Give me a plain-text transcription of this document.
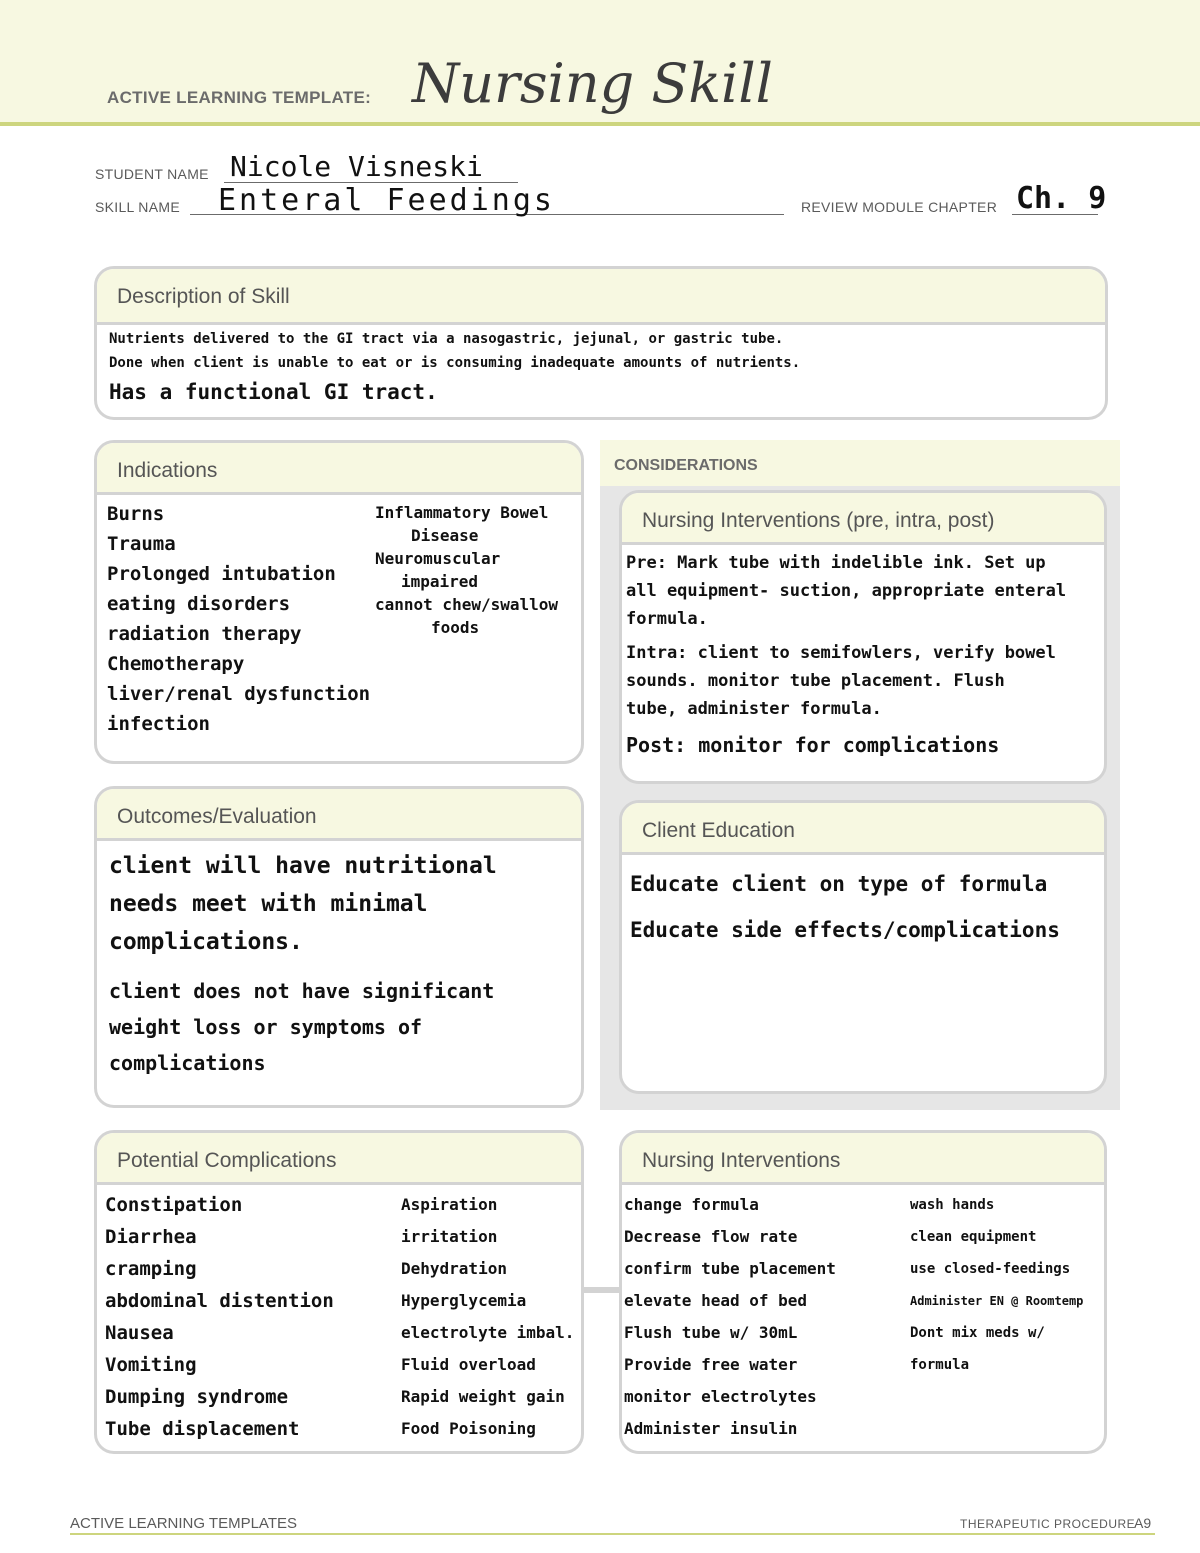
ACTIVE LEARNING TEMPLATE: Nursing Skill
STUDENT NAME Nicole Visneski
SKILL NAME Enteral Feedings	REVIEW MODULE CHAPTER Ch. 9
Description of Skill
Nutrients delivered to the GI tract via a nasogastric, jejunal, or gastric tube.
Done when client is unable to eat or is consuming inadequate amounts of nutrients.
Has a functional GI tract.
Indications
Burns
Trauma
Prolonged intubation
eating disorders
radiation therapy
Chemotherapy
liver/renal dysfunction
infection
Inflammatory Bowel
Disease
Neuromuscular
impaired
cannot chew/swallow
foods
CONSIDERATIONS
Nursing Interventions (pre, intra, post)
Pre: Mark tube with indelible ink. Set up
all equipment- suction, appropriate enteral
formula.
Intra: client to semifowlers, verify bowel
sounds. monitor tube placement. Flush
tube, administer formula.
Post: monitor for complications
Client Education
Educate client on type of formula
Educate side effects/complications
Outcomes/Evaluation
client will have nutritional
needs meet with minimal
complications.
client does not have significant
weight loss or symptoms of
complications
Potential Complications
Constipation
Diarrhea
cramping
abdominal distention
Nausea
Vomiting
Dumping syndrome
Tube displacement
Aspiration
irritation
Dehydration
Hyperglycemia
electrolyte imbal.
Fluid overload
Rapid weight gain
Food Poisoning
Nursing Interventions
change formula
Decrease flow rate
confirm tube placement
elevate head of bed
Flush tube w/ 30mL
Provide free water
monitor electrolytes
Administer insulin
wash hands
clean equipment
use closed-feedings
Administer EN @ Roomtemp
Dont mix meds w/
formula
ACTIVE LEARNING TEMPLATES	THERAPEUTIC PROCEDURE
A9
